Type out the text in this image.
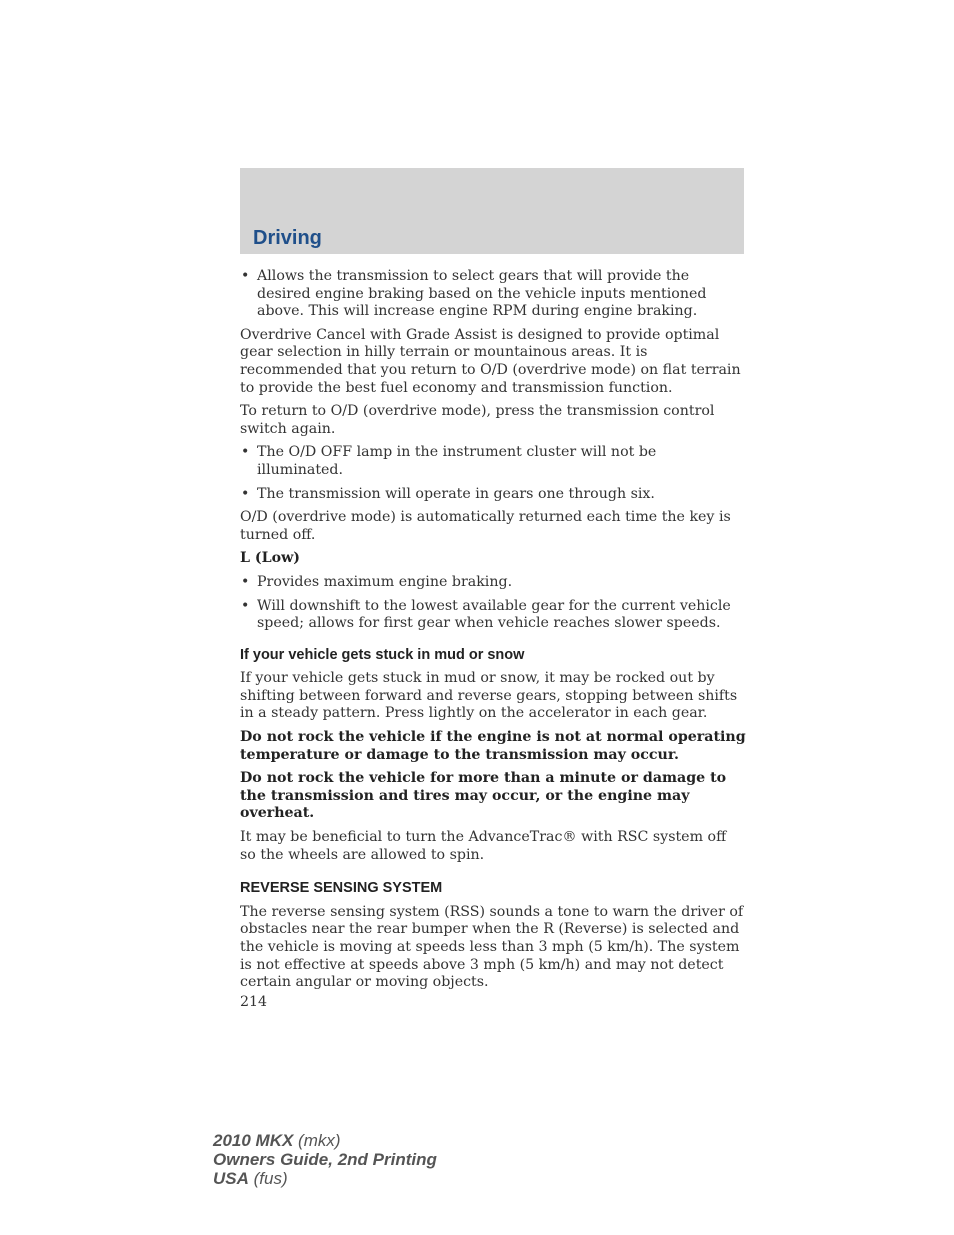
Driving
• Allows the transmission to select gears that will provide the desired engine braking based on the vehicle inputs mentioned above. This will increase engine RPM during engine braking.

Overdrive Cancel with Grade Assist is designed to provide optimal gear selection in hilly terrain or mountainous areas. It is recommended that you return to O/D (overdrive mode) on flat terrain to provide the best fuel economy and transmission function.

To return to O/D (overdrive mode), press the transmission control switch again.

• The O/D OFF lamp in the instrument cluster will not be illuminated.
• The transmission will operate in gears one through six.

O/D (overdrive mode) is automatically returned each time the key is turned off.

L (Low)

• Provides maximum engine braking.
• Will downshift to the lowest available gear for the current vehicle speed; allows for first gear when vehicle reaches slower speeds.
If your vehicle gets stuck in mud or snow

If your vehicle gets stuck in mud or snow, it may be rocked out by shifting between forward and reverse gears, stopping between shifts in a steady pattern. Press lightly on the accelerator in each gear.

Do not rock the vehicle if the engine is not at normal operating temperature or damage to the transmission may occur.

Do not rock the vehicle for more than a minute or damage to the transmission and tires may occur, or the engine may overheat.

It may be beneficial to turn the AdvanceTrac® with RSC system off so the wheels are allowed to spin.

REVERSE SENSING SYSTEM

The reverse sensing system (RSS) sounds a tone to warn the driver of obstacles near the rear bumper when the R (Reverse) is selected and the vehicle is moving at speeds less than 3 mph (5 km/h). The system is not effective at speeds above 3 mph (5 km/h) and may not detect certain angular or moving objects.

214

2010 MKX (mkx)
Owners Guide, 2nd Printing
USA (fus)
